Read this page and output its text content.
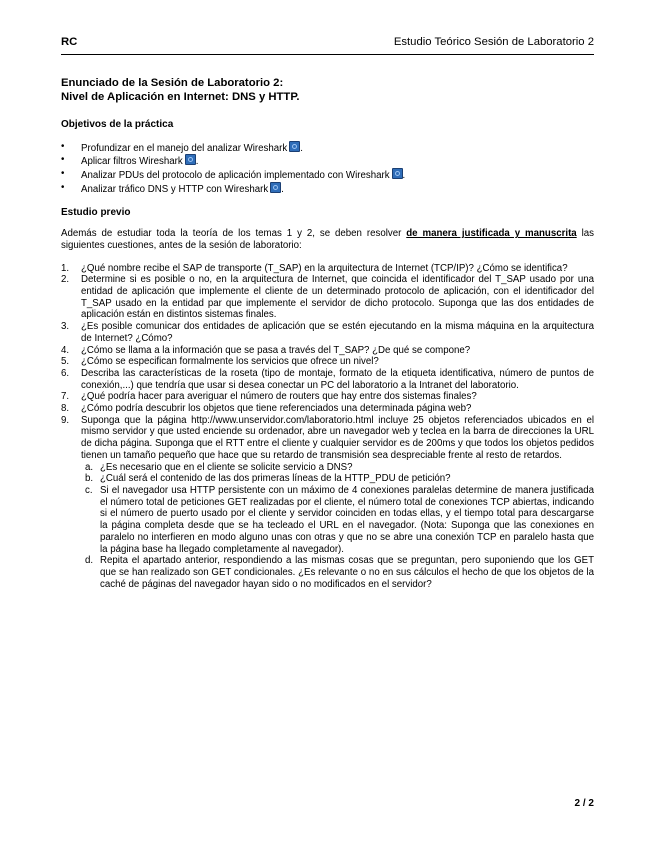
RC	Estudio Teórico Sesión de Laboratorio 2
Enunciado de la Sesión de Laboratorio 2:
Nivel de Aplicación en Internet: DNS y HTTP.
Objetivos de la práctica
• Profundizar en el manejo del analizar Wireshark .
• Aplicar filtros Wireshark .
• Analizar PDUs del protocolo de aplicación implementado con Wireshark .
• Analizar tráfico DNS y HTTP con Wireshark .
Estudio previo

Además de estudiar toda la teoría de los temas 1 y 2, se deben resolver de manera justificada y manuscrita las siguientes cuestiones, antes de la sesión de laboratorio:

1. ¿Qué nombre recibe el SAP de transporte (T_SAP) en la arquitectura de Internet (TCP/IP)? ¿Cómo se identifica?
2. Determine si es posible o no, en la arquitectura de Internet, que coincida el identificador del T_SAP usado por una entidad de aplicación que implemente el cliente de un determinado protocolo de aplicación, con el identificador del T_SAP usado en la entidad par que implemente el servidor de dicho protocolo. Suponga que las dos entidades de aplicación están en distintos sistemas finales.
3. ¿Es posible comunicar dos entidades de aplicación que se estén ejecutando en la misma máquina en la arquitectura de Internet? ¿Cómo?
4. ¿Cómo se llama a la información que se pasa a través del T_SAP? ¿De qué se compone?
5. ¿Cómo se especifican formalmente los servicios que ofrece un nivel?
6. Describa las características de la roseta (tipo de montaje, formato de la etiqueta identificativa, número de puntos de conexión,...) que tendría que usar si desea conectar un PC del laboratorio a la Intranet del laboratorio.
7. ¿Qué podría hacer para averiguar el número de routers que hay entre dos sistemas finales?
8. ¿Cómo podría descubrir los objetos que tiene referenciados una determinada página web?
9. Suponga que la página http://www.unservidor.com/laboratorio.html incluye 25 objetos referenciados ubicados en el mismo servidor y que usted enciende su ordenador, abre un navegador web y teclea en la barra de direcciones la URL de dicha página. Suponga que el RTT entre el cliente y cualquier servidor es de 200ms y que todos los objetos pedidos tienen un tamaño pequeño que hace que su retardo de transmisión sea despreciable frente al resto de retardos.
a. ¿Es necesario que en el cliente se solicite servicio a DNS?
b. ¿Cuál será el contenido de las dos primeras líneas de la HTTP_PDU de petición?
c. Si el navegador usa HTTP persistente con un máximo de 4 conexiones paralelas determine de manera justificada el número total de peticiones GET realizadas por el cliente, el número total de conexiones TCP abiertas, indicando si el número de puerto usado por el cliente y servidor coinciden en todas ellas, y el tiempo total para descargarse la página completa desde que se ha tecleado el URL en el navegador. (Nota: Suponga que las conexiones en paralelo no interfieren en modo alguno unas con otras y que no se abre una conexión TCP en paralelo hasta que la página base ha llegado completamente al navegador).
d. Repita el apartado anterior, respondiendo a las mismas cosas que se preguntan, pero suponiendo que los GET que se han realizado son GET condicionales. ¿Es relevante o no en sus cálculos el hecho de que los objetos de la caché de páginas del navegador hayan sido o no modificados en el servidor?
2 / 2
